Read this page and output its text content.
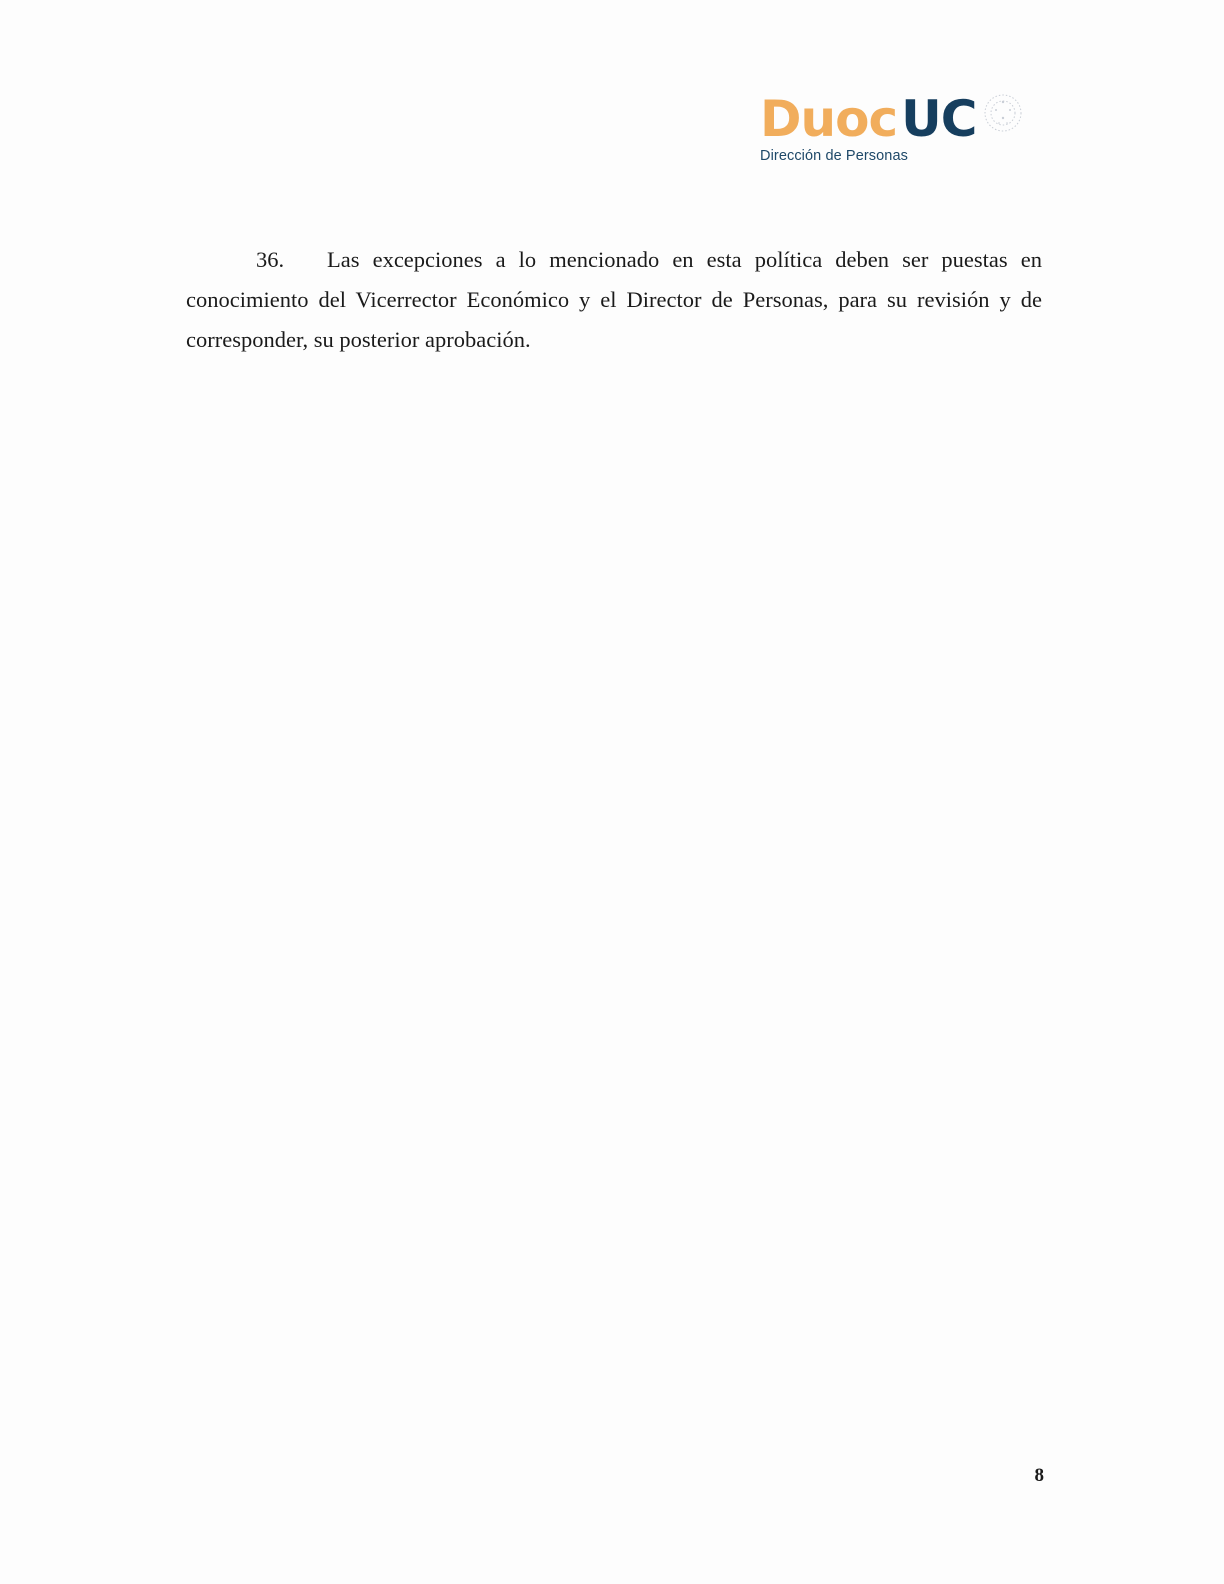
DuocUC
Dirección de Personas

36. Las excepciones a lo mencionado en esta política deben ser puestas en conocimiento del Vicerrector Económico y el Director de Personas, para su revisión y de corresponder, su posterior aprobación.

8
